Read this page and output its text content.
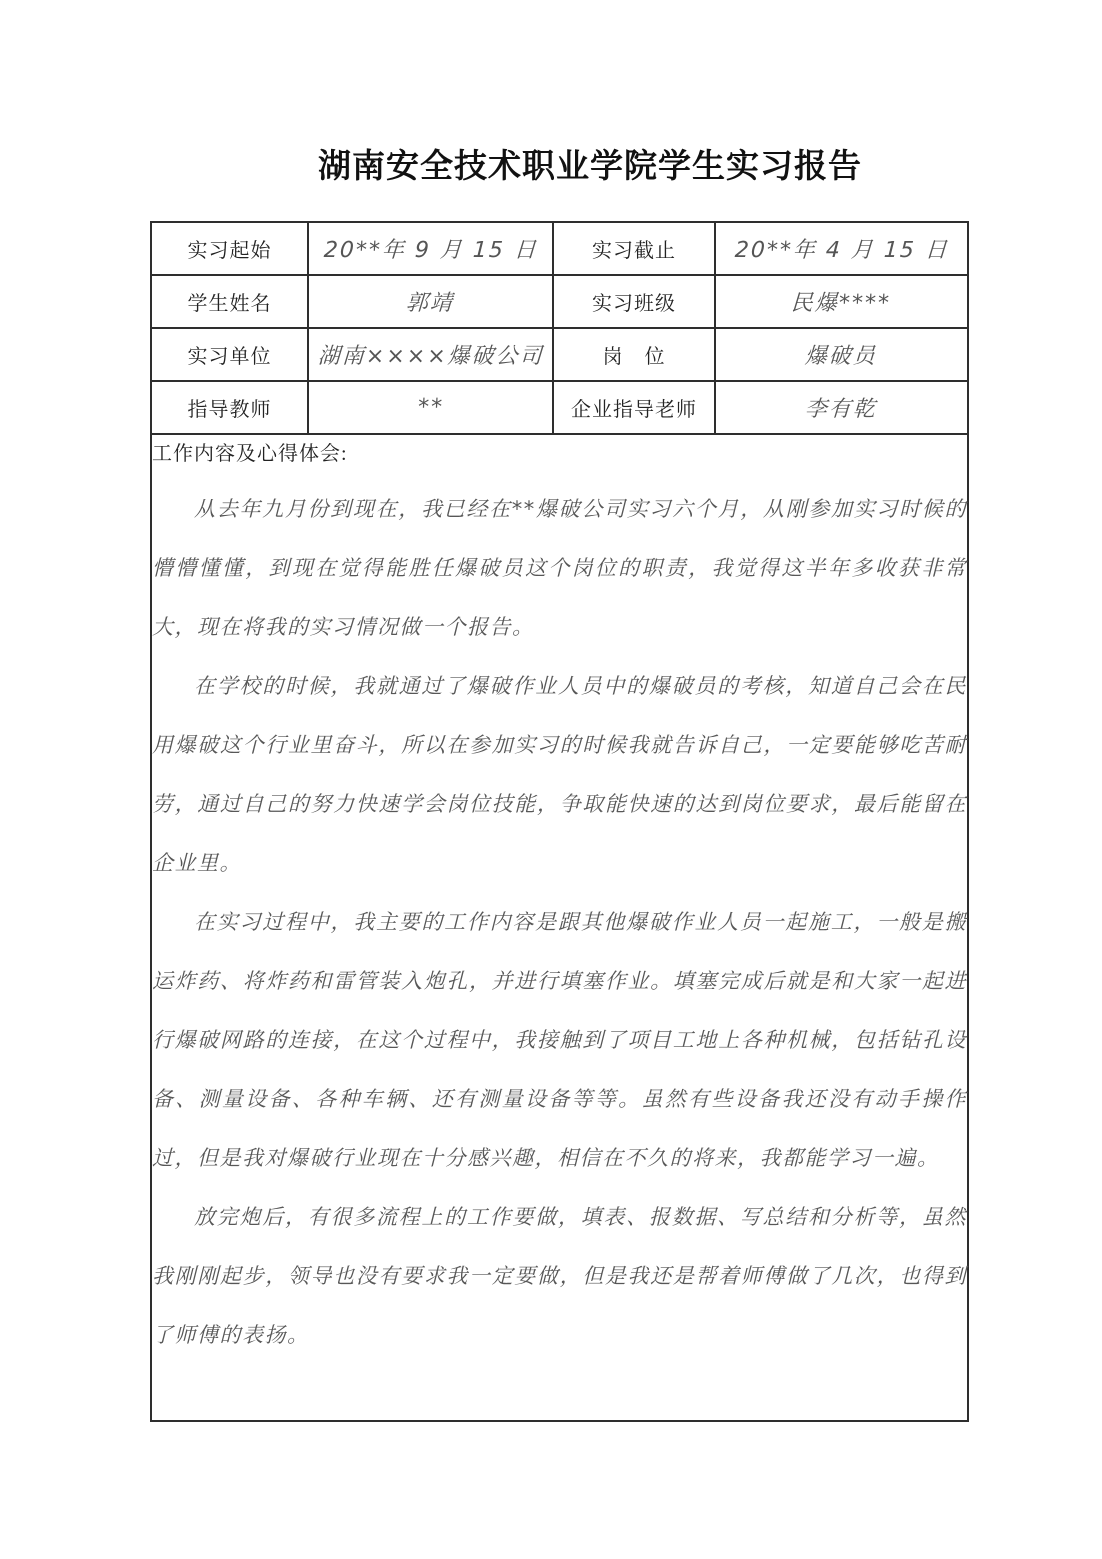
湖南安全技术职业学院学生实习报告
实习起始	20**年 9 月 15 日	实习截止	20**年 4 月 15 日
学生姓名	郭靖	实习班级	民爆****
实习单位	湖南××××爆破公司	岗　位	爆破员
指导教师	**	企业指导老师	李有乾

工作内容及心得体会:

从去年九月份到现在，我已经在**爆破公司实习六个月，从刚参加实习时候的懵懵懂懂，到现在觉得能胜任爆破员这个岗位的职责，我觉得这半年多收获非常大，现在将我的实习情况做一个报告。

在学校的时候，我就通过了爆破作业人员中的爆破员的考核，知道自己会在民用爆破这个行业里奋斗，所以在参加实习的时候我就告诉自己，一定要能够吃苦耐劳，通过自己的努力快速学会岗位技能，争取能快速的达到岗位要求，最后能留在企业里。

在实习过程中，我主要的工作内容是跟其他爆破作业人员一起施工，一般是搬运炸药、将炸药和雷管装入炮孔，并进行填塞作业。填塞完成后就是和大家一起进行爆破网路的连接，在这个过程中，我接触到了项目工地上各种机械，包括钻孔设备、测量设备、各种车辆、还有测量设备等等。虽然有些设备我还没有动手操作过，但是我对爆破行业现在十分感兴趣，相信在不久的将来，我都能学习一遍。

放完炮后，有很多流程上的工作要做，填表、报数据、写总结和分析等，虽然我刚刚起步，领导也没有要求我一定要做，但是我还是帮着师傅做了几次，也得到了师傅的表扬。			
